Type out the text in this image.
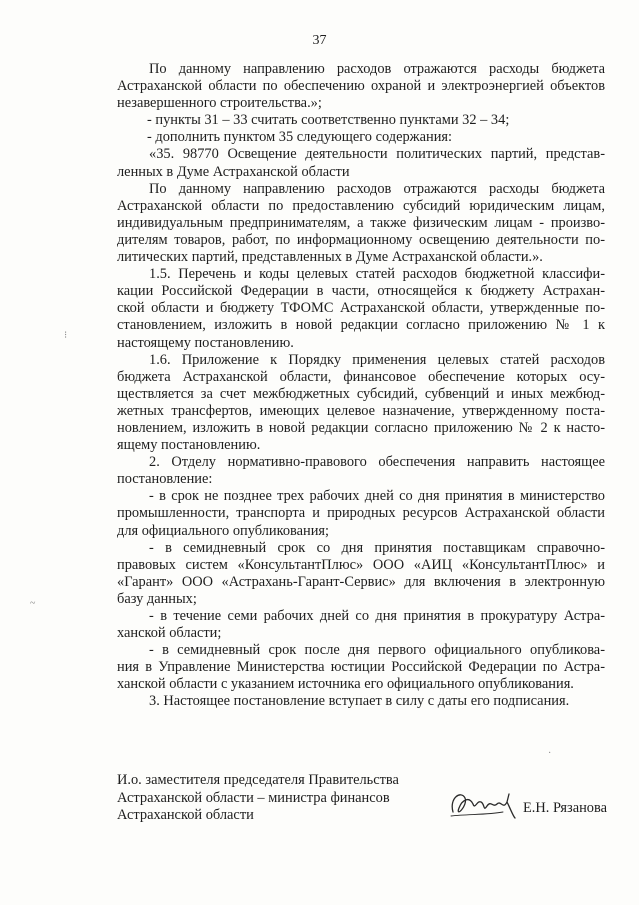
37
⁝
~
·

По данному направлению расходов отражаются расходы бюджета
Астраханской области по обеспечению охраной и электроэнергией объектов
незавершенного строительства.»;

- пункты 31 – 33 считать соответственно пунктами 32 – 34;

- дополнить пунктом 35 следующего содержания:

«35. 98770 Освещение деятельности политических партий, представ-
ленных в Думе Астраханской области

По данному направлению расходов отражаются расходы бюджета
Астраханской области по предоставлению субсидий юридическим лицам,
индивидуальным предпринимателям, а также физическим лицам - произво-
дителям товаров, работ, по информационному освещению деятельности по-
литических партий, представленных в Думе Астраханской области.».

1.5. Перечень и коды целевых статей расходов бюджетной классифи-
кации Российской Федерации в части, относящейся к бюджету Астрахан-
ской области и бюджету ТФОМС Астраханской области, утвержденные по-
становлением, изложить в новой редакции согласно приложению № 1 к
настоящему постановлению.

1.6. Приложение к Порядку применения целевых статей расходов
бюджета Астраханской области, финансовое обеспечение которых осу-
ществляется за счет межбюджетных субсидий, субвенций и иных межбюд-
жетных трансфертов, имеющих целевое назначение, утвержденному поста-
новлением, изложить в новой редакции согласно приложению № 2 к насто-
ящему постановлению.

2. Отделу нормативно-правового обеспечения направить настоящее
постановление:

- в срок не позднее трех рабочих дней со дня принятия в министерство
промышленности, транспорта и природных ресурсов Астраханской области
для официального опубликования;

- в семидневный срок со дня принятия поставщикам справочно-
правовых систем «КонсультантПлюс» ООО «АИЦ «КонсультантПлюс» и
«Гарант» ООО «Астрахань-Гарант-Сервис» для включения в электронную
базу данных;

- в течение семи рабочих дней со дня принятия в прокуратуру Астра-
ханской области;

- в семидневный срок после дня первого официального опубликова-
ния в Управление Министерства юстиции Российской Федерации по Астра-
ханской области с указанием источника его официального опубликования.

3. Настоящее постановление вступает в силу с даты его подписания.

И.о. заместителя председателя Правительства
Астраханской области – министра финансов
Астраханской области	Е.Н. Рязанова
